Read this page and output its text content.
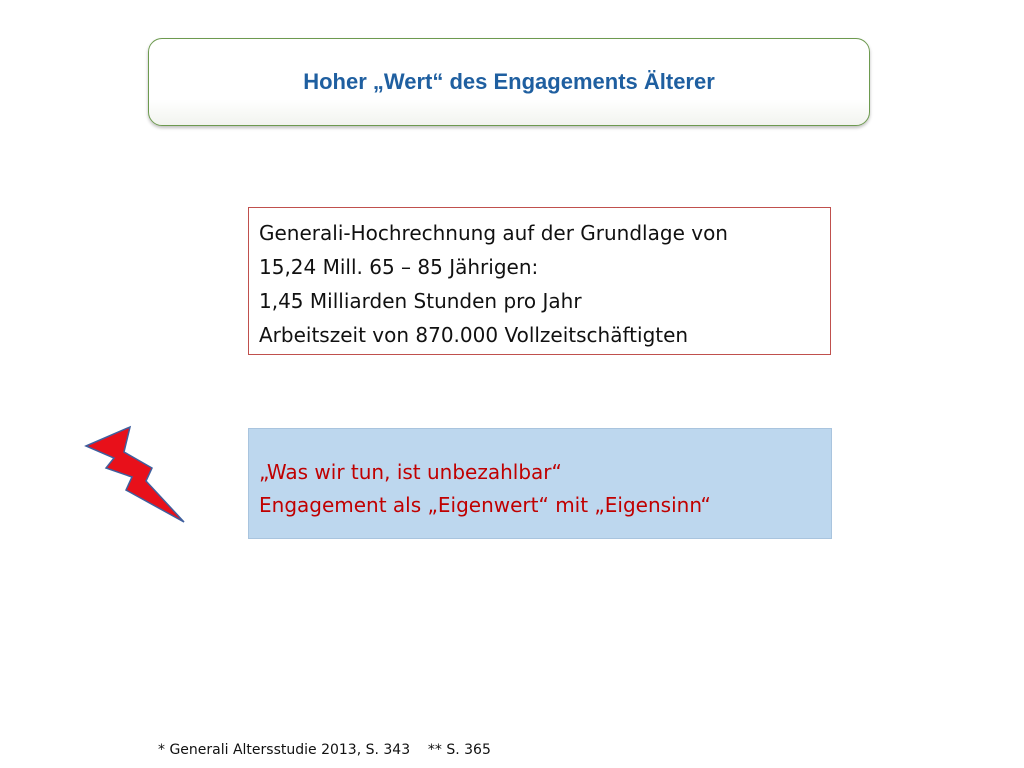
Hoher „Wert“ des Engagements Älterer
Generali-Hochrechnung auf der Grundlage von
15,24 Mill. 65 – 85 Jährigen:
1,45 Milliarden Stunden pro Jahr
Arbeitszeit von 870.000 Vollzeitschäftigten
„Was wir tun, ist unbezahlbar“
Engagement als „Eigenwert“ mit „Eigensinn“
* Generali Altersstudie 2013, S. 343    ** S. 365
